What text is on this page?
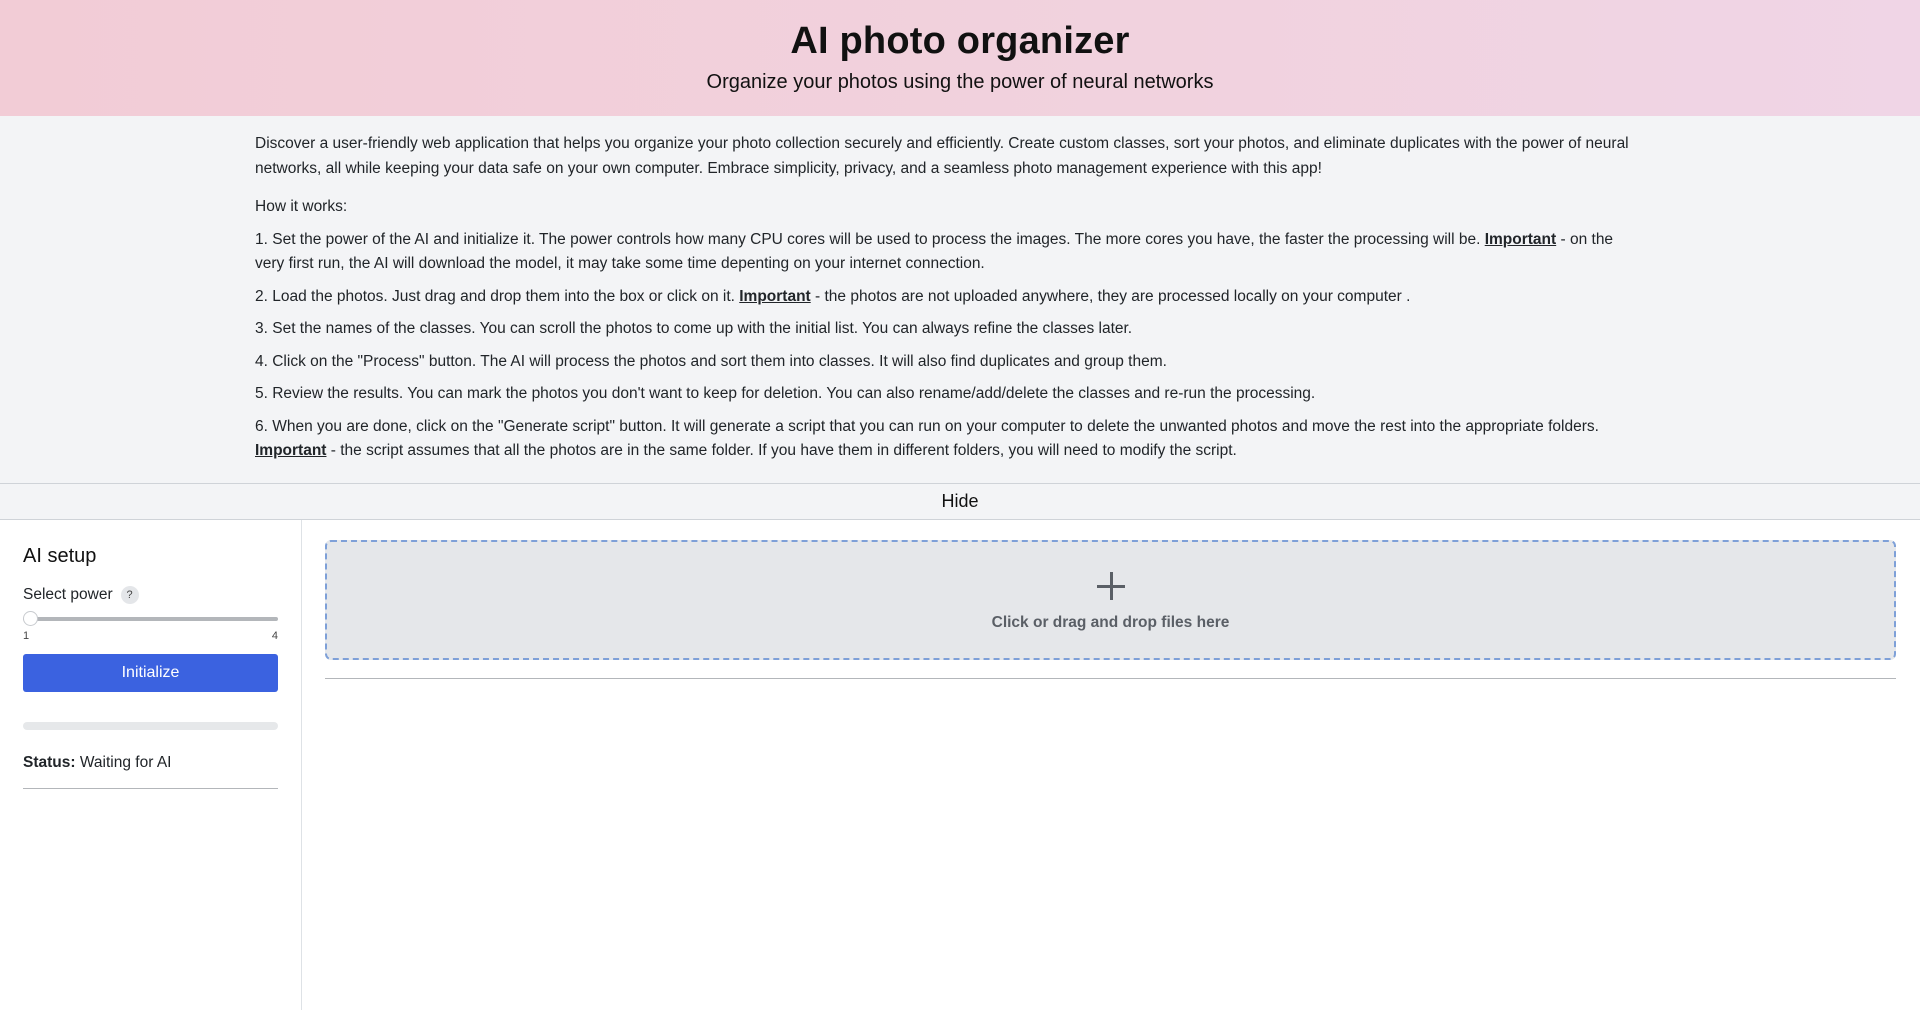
AI photo organizer
Organize your photos using the power of neural networks

Discover a user-friendly web application that helps you organize your photo collection securely and efficiently. Create custom classes, sort your photos, and eliminate duplicates with the power of neural networks, all while keeping your data safe on your own computer. Embrace simplicity, privacy, and a seamless photo management experience with this app!

How it works:

1. Set the power of the AI and initialize it. The power controls how many CPU cores will be used to process the images. The more cores you have, the faster the processing will be. Important - on the very first run, the AI will download the model, it may take some time depenting on your internet connection.

2. Load the photos. Just drag and drop them into the box or click on it. Important - the photos are not uploaded anywhere, they are processed locally on your computer .

3. Set the names of the classes. You can scroll the photos to come up with the initial list. You can always refine the classes later.

4. Click on the "Process" button. The AI will process the photos and sort them into classes. It will also find duplicates and group them.

5. Review the results. You can mark the photos you don't want to keep for deletion. You can also rename/add/delete the classes and re-run the processing.

6. When you are done, click on the "Generate script" button. It will generate a script that you can run on your computer to delete the unwanted photos and move the rest into the appropriate folders. Important - the script assumes that all the photos are in the same folder. If you have them in different folders, you will need to modify the script.

Hide
AI setup
Select power	?
1	4
Initialize
Status: Waiting for AI
Click or drag and drop files here
